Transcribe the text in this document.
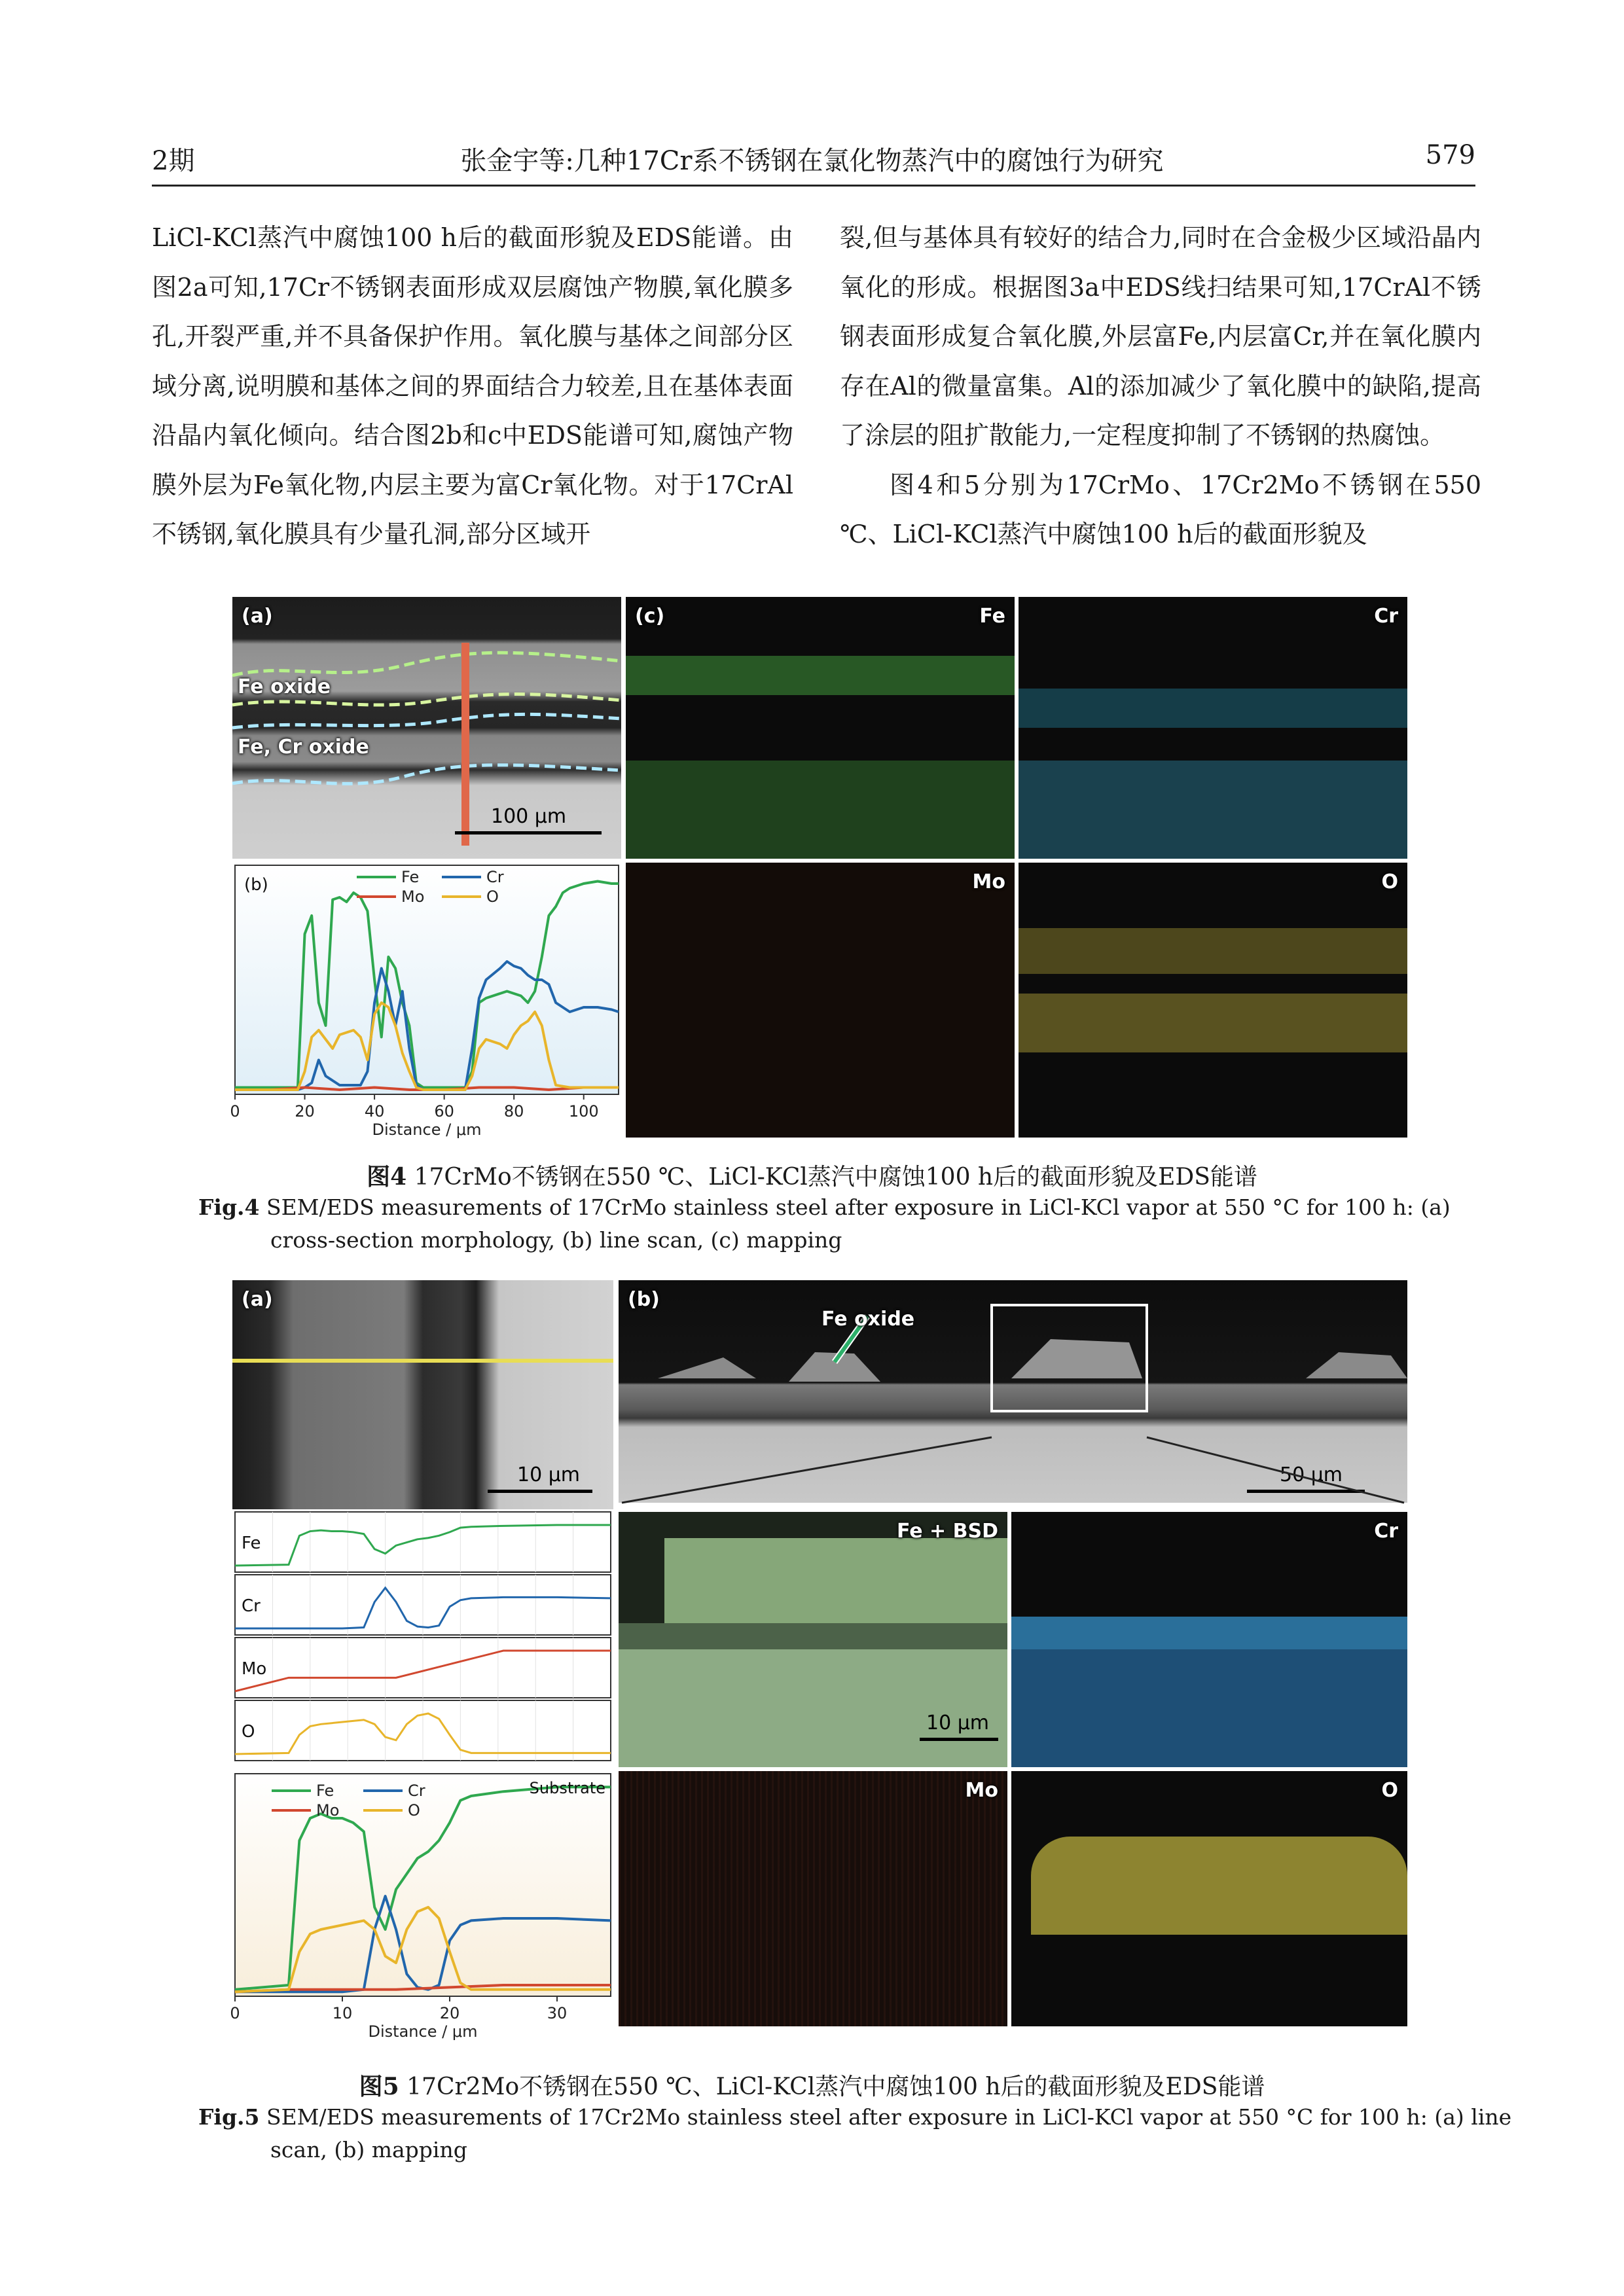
2期	张金宇等:几种17Cr系不锈钢在氯化物蒸汽中的腐蚀行为研究	579

LiCl-KCl蒸汽中腐蚀100 h后的截面形貌及EDS能谱。由图2a可知,17Cr不锈钢表面形成双层腐蚀产物膜,氧化膜多孔,开裂严重,并不具备保护作用。氧化膜与基体之间部分区域分离,说明膜和基体之间的界面结合力较差,且在基体表面沿晶内氧化倾向。结合图2b和c中EDS能谱可知,腐蚀产物膜外层为Fe氧化物,内层主要为富Cr氧化物。对于17CrAl不锈钢,氧化膜具有少量孔洞,部分区域开

裂,但与基体具有较好的结合力,同时在合金极少区域沿晶内氧化的形成。根据图3a中EDS线扫结果可知,17CrAl不锈钢表面形成复合氧化膜,外层富Fe,内层富Cr,并在氧化膜内存在Al的微量富集。Al的添加减少了氧化膜中的缺陷,提高了涂层的阻扩散能力,一定程度抑制了不锈钢的热腐蚀。

图4和5分别为17CrMo、17Cr2Mo不锈钢在550 ℃、LiCl-KCl蒸汽中腐蚀100 h后的截面形貌及

(a)
Fe oxide
Fe, Cr oxide
100 μm
(c)	Fe	Cr
Mo	O
0	20	40	60	80	100
Distance / μm
Fe	Cr
Mo	O
(b)
图4 17CrMo不锈钢在550 ℃、LiCl-KCl蒸汽中腐蚀100 h后的截面形貌及EDS能谱
Fig.4 SEM/EDS measurements of 17CrMo stainless steel after exposure in LiCl-KCl vapor at 550 °C for 100 h: (a) cross-section morphology, (b) line scan, (c) mapping
(a)
10 μm
(b)
Fe oxide
50 μm
Fe
Cr
Mo
O
Fe + BSD
10 μm
Cr
Mo	O
0	10	20	30
Distance / μm
Fe	Cr
Mo	O
Substrate
图5 17Cr2Mo不锈钢在550 ℃、LiCl-KCl蒸汽中腐蚀100 h后的截面形貌及EDS能谱
Fig.5 SEM/EDS measurements of 17Cr2Mo stainless steel after exposure in LiCl-KCl vapor at 550 °C for 100 h: (a) line scan, (b) mapping
